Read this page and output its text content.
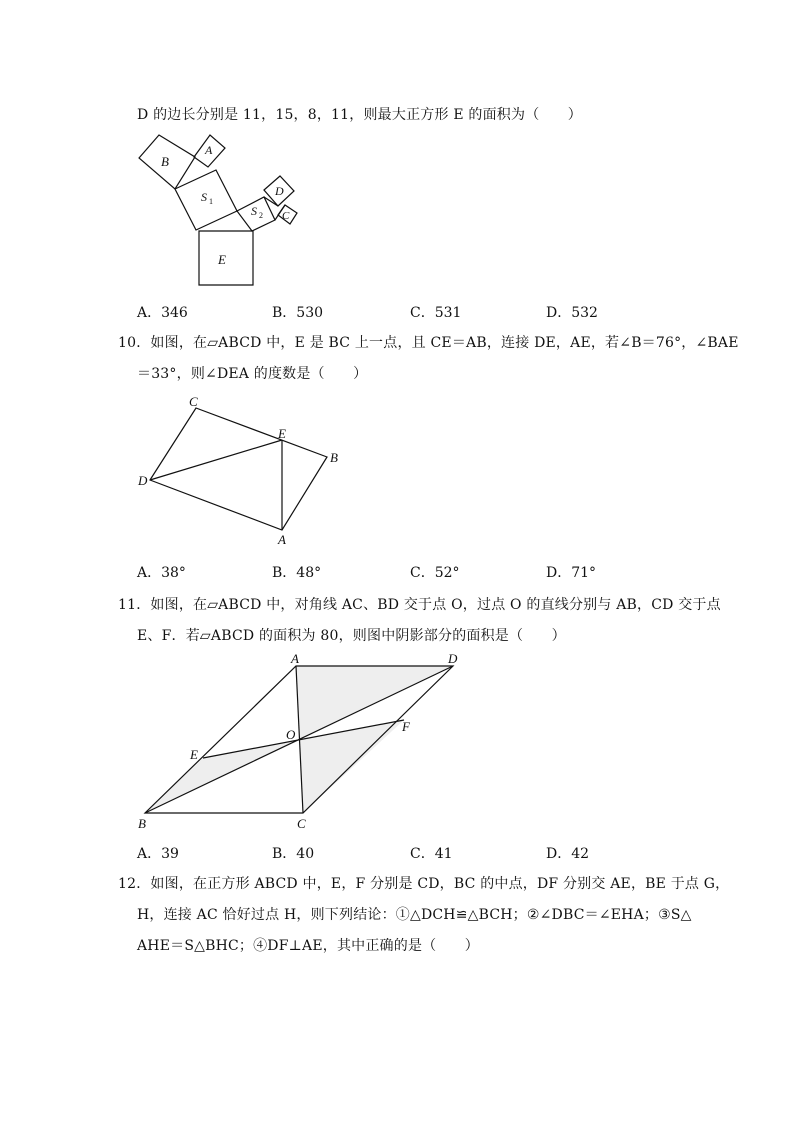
D 的边长分别是 11，15，8，11，则最大正方形 E 的面积为（　　）
B
A
S 1
S 2
D
C
E
A．346	B．530	C．531	D．532
10．如图，在▱ABCD 中，E 是 BC 上一点，且 CE＝AB，连接 DE，AE，若∠B＝76°，∠BAE
＝33°，则∠DEA 的度数是（　　）
C
E
B
D
A
A．38°	B．48°	C．52°	D．71°
11．如图，在▱ABCD 中，对角线 AC、BD 交于点 O，过点 O 的直线分别与 AB，CD 交于点
E、F．若▱ABCD 的面积为 80，则图中阴影部分的面积是（　　）
A	D
F
O
E
B	C
A．39	B．40	C．41	D．42
12．如图，在正方形 ABCD 中，E，F 分别是 CD，BC 的中点，DF 分别交 AE，BE 于点 G，
H，连接 AC 恰好过点 H，则下列结论：①△DCH≌△BCH；②∠DBC＝∠EHA；③S△
AHE＝S△BHC；④DF⊥AE，其中正确的是（　　）
